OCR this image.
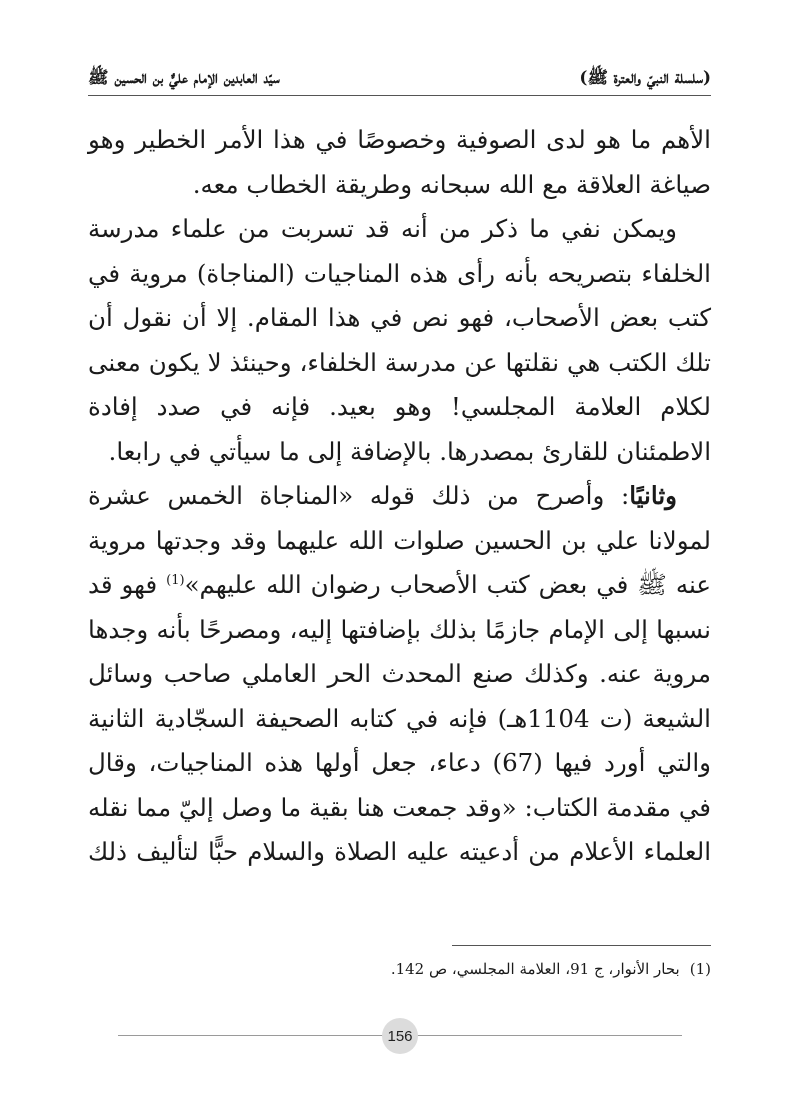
(سلسلة النبيّ والعترة ﷺ)
سيّد العابدين الإمام عليٌّ بن الحسين ﷺ

الأهم ما هو لدى الصوفية وخصوصًا في هذا الأمر الخطير وهو صياغة العلاقة مع الله سبحانه وطريقة الخطاب معه.

ويمكن نفي ما ذكر من أنه قد تسربت من علماء مدرسة الخلفاء بتصريحه بأنه رأى هذه المناجيات (المناجاة) مروية في كتب بعض الأصحاب، فهو نص في هذا المقام. إلا أن نقول أن تلك الكتب هي نقلتها عن مدرسة الخلفاء، وحينئذ لا يكون معنى لكلام العلامة المجلسي! وهو بعيد. فإنه في صدد إفادة الاطمئنان للقارئ بمصدرها. بالإضافة إلى ما سيأتي في رابعا.

وثانيًا: وأصرح من ذلك قوله «المناجاة الخمس عشرة لمولانا علي بن الحسين صلوات الله عليهما وقد وجدتها مروية عنه ﷺ في بعض كتب الأصحاب رضوان الله عليهم»$^{(1)}$ فهو قد نسبها إلى الإمام جازمًا بذلك بإضافتها إليه، ومصرحًا بأنه وجدها مروية عنه. وكذلك صنع المحدث الحر العاملي صاحب وسائل الشيعة (ت 1104هـ) فإنه في كتابه الصحيفة السجّادية الثانية والتي أورد فيها (67) دعاء، جعل أولها هذه المناجيات، وقال في مقدمة الكتاب: «وقد جمعت هنا بقية ما وصل إليّ مما نقله العلماء الأعلام من أدعيته عليه الصلاة والسلام حبًّا لتأليف ذلك

(1)بحار الأنوار، ج 91، العلامة المجلسي، ص 142.
156
